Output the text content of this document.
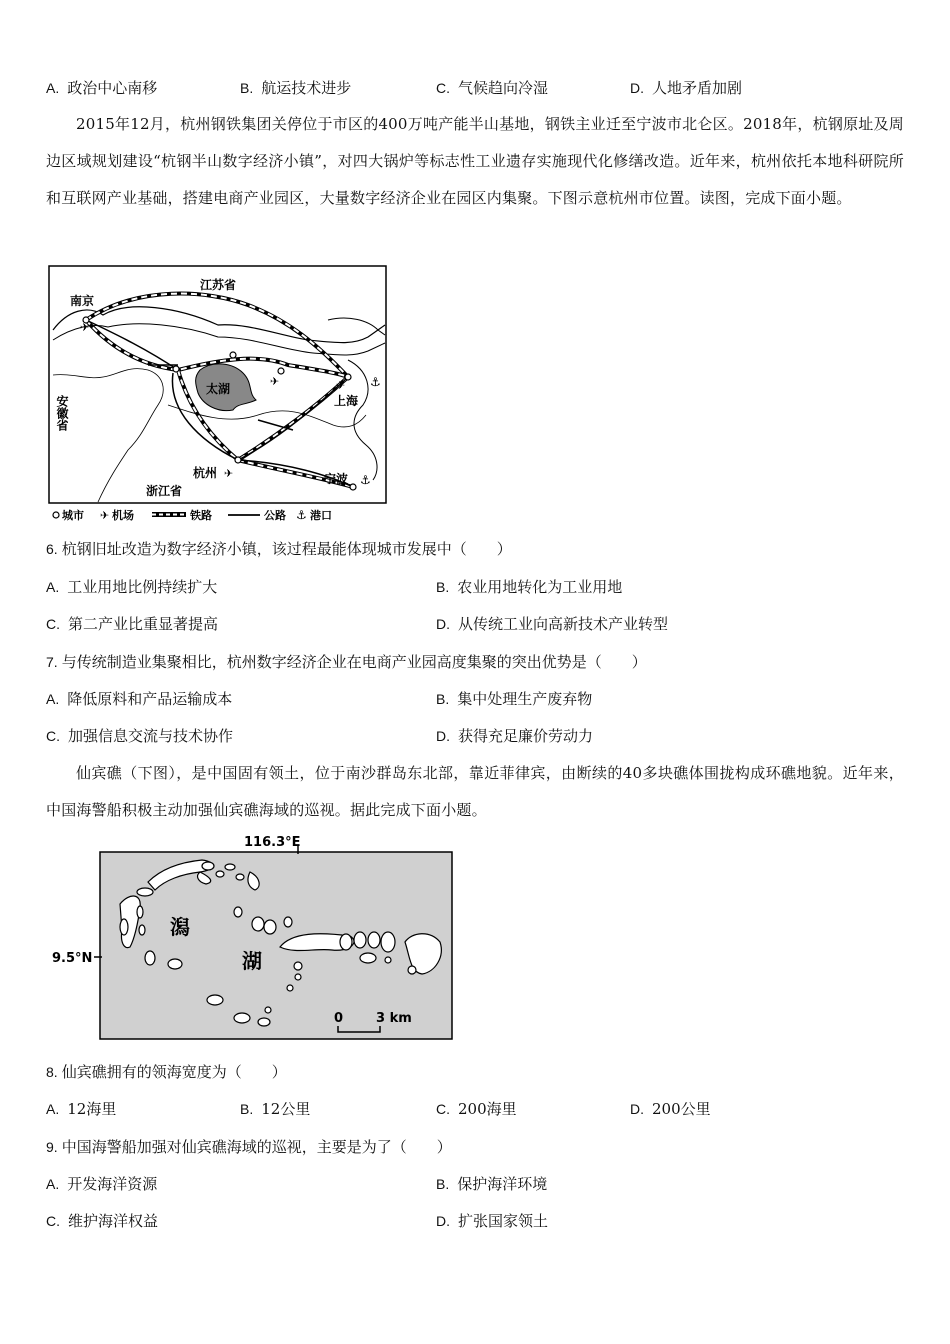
A. 政治中心南移	B. 航运技术进步	C. 气候趋向冷湿	D. 人地矛盾加剧
2015年12月，杭州钢铁集团关停位于市区的400万吨产能半山基地，钢铁主业迁至宁波市北仑区。2018年，杭钢原址及周边区域规划建设“杭钢半山数字经济小镇”，对四大锅炉等标志性工业遗存实施现代化修缮改造。近年来，杭州依托本地科研院所和互联网产业基础，搭建电商产业园区，大量数字经济企业在园区内集聚。下图示意杭州市位置。读图，完成下面小题。
✈
✈	✈
✈
⚓
⚓
南京
江苏省
太湖
上海
杭州	宁波
浙江省
安徽省
城市 ✈ 机场	铁路	公路 ⚓ 港口
6. 杭钢旧址改造为数字经济小镇，该过程最能体现城市发展中（　　）
A. 工业用地比例持续扩大	B. 农业用地转化为工业用地
C. 第二产业比重显著提高	D. 从传统工业向高新技术产业转型
7. 与传统制造业集聚相比，杭州数字经济企业在电商产业园高度集聚的突出优势是（　　）
A. 降低原料和产品运输成本	B. 集中处理生产废弃物
C. 加强信息交流与技术协作	D. 获得充足廉价劳动力
仙宾礁（下图），是中国固有领土，位于南沙群岛东北部，靠近菲律宾，由断续的40多块礁体围拢构成环礁地貌。近年来，中国海警船积极主动加强仙宾礁海域的巡视。据此完成下面小题。
116.3°E
9.5°N
潟
湖
0	3 km
8. 仙宾礁拥有的领海宽度为（　　）
A. 12海里	B. 12公里	C. 200海里	D. 200公里
9. 中国海警船加强对仙宾礁海域的巡视，主要是为了（　　）
A. 开发海洋资源	B. 保护海洋环境
C. 维护海洋权益	D. 扩张国家领土
